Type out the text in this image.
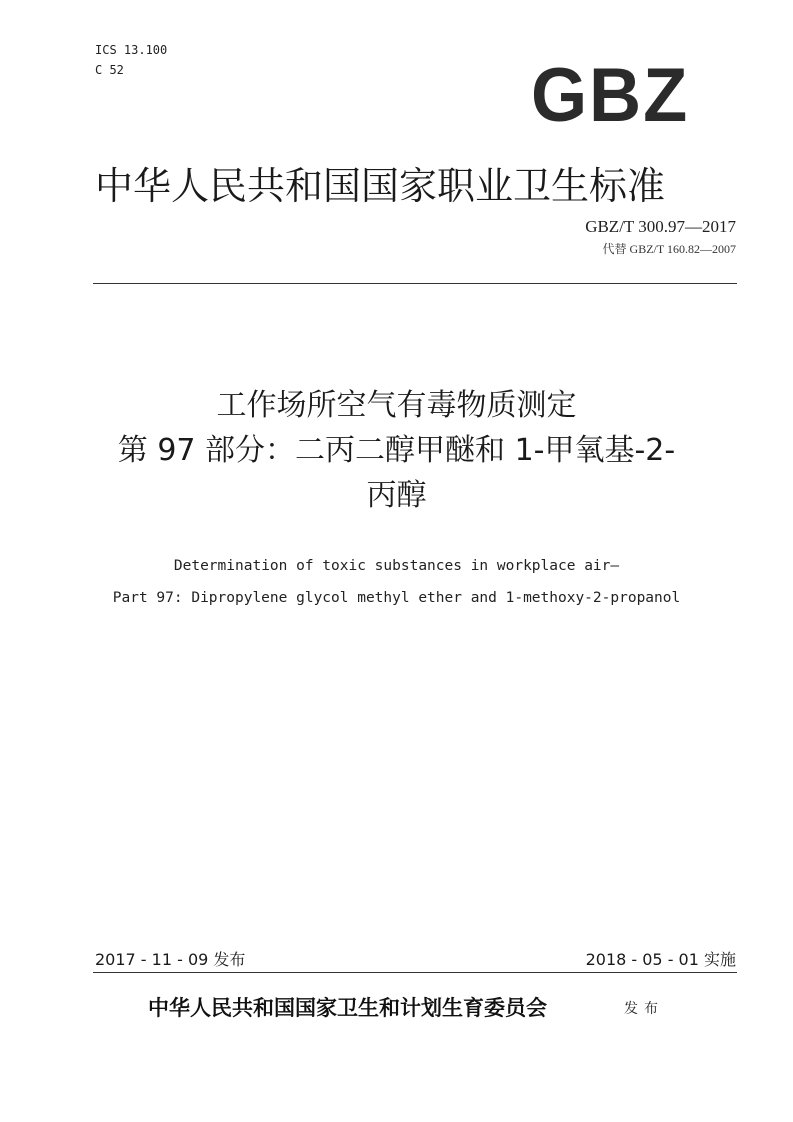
ICS 13.100
C 52	GBZ
中华人民共和国国家职业卫生标准
GBZ/T 300.97—2017
代替 GBZ/T 160.82—2007
工作场所空气有毒物质测定
第 97 部分：二丙二醇甲醚和 1-甲氧基-2-
丙醇
Determination of toxic substances in workplace air—
Part 97: Dipropylene glycol methyl ether and 1-methoxy-2-propanol
2017 - 11 - 09 发布	2018 - 05 - 01 实施
中华人民共和国国家卫生和计划生育委员会	发布
